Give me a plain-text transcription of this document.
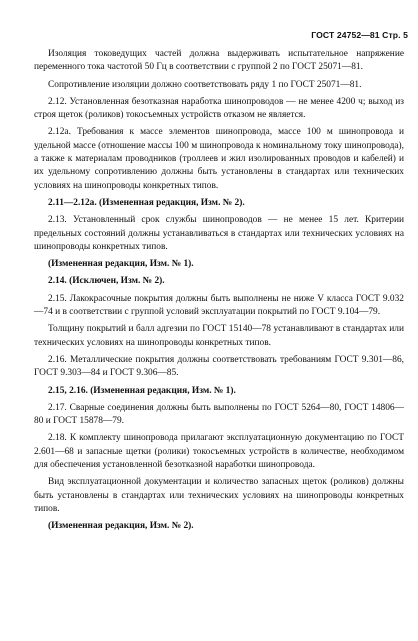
ГОСТ 24752—81 Стр. 5

Изоляция токоведущих частей должна выдерживать испытательное напряжение переменного тока частотой 50 Гц в соответствии с группой 2 по ГОСТ 25071—81.

Сопротивление изоляции должно соответствовать ряду 1 по ГОСТ 25071—81.

2.12. Установленная безотказная наработка шинопроводов — не менее 4200 ч; выход из строя щеток (роликов) токосъемных устройств отказом не является.

2.12а. Требования к массе элементов шинопровода, массе 100 м шинопровода и удельной массе (отношение массы 100 м шинопровода к номинальному току шинопровода), а также к материалам проводников (троллеев и жил изолированных проводов и кабелей) и их удельному сопротивлению должны быть установлены в стандартах или технических условиях на шинопроводы конкретных типов.

2.11—2.12а. (Измененная редакция, Изм. № 2).

2.13. Установленный срок службы шинопроводов — не менее 15 лет. Критерии предельных состояний должны устанавливаться в стандартах или технических условиях на шинопроводы конкретных типов.

(Измененная редакция, Изм. № 1).

2.14. (Исключен, Изм. № 2).

2.15. Лакокрасочные покрытия должны быть выполнены не ниже V класса ГОСТ 9.032—74 и в соответствии с группой условий эксплуатации покрытий по ГОСТ 9.104—79.

Толщину покрытий и балл адгезии по ГОСТ 15140—78 устанавливают в стандартах или технических условиях на шинопроводы конкретных типов.

2.16. Металлические покрытия должны соответствовать требованиям ГОСТ 9.301—86, ГОСТ 9.303—84 и ГОСТ 9.306—85.

2.15, 2.16. (Измененная редакция, Изм. № 1).

2.17. Сварные соединения должны быть выполнены по ГОСТ 5264—80, ГОСТ 14806—80 и ГОСТ 15878—79.

2.18. К комплекту шинопровода прилагают эксплуатационную документацию по ГОСТ 2.601—68 и запасные щетки (ролики) токосъемных устройств в количестве, необходимом для обеспечения установленной безотказной наработки шинопровода.

Вид эксплуатационной документации и количество запасных щеток (роликов) должны быть установлены в стандартах или технических условиях на шинопроводы конкретных типов.

(Измененная редакция, Изм. № 2).
